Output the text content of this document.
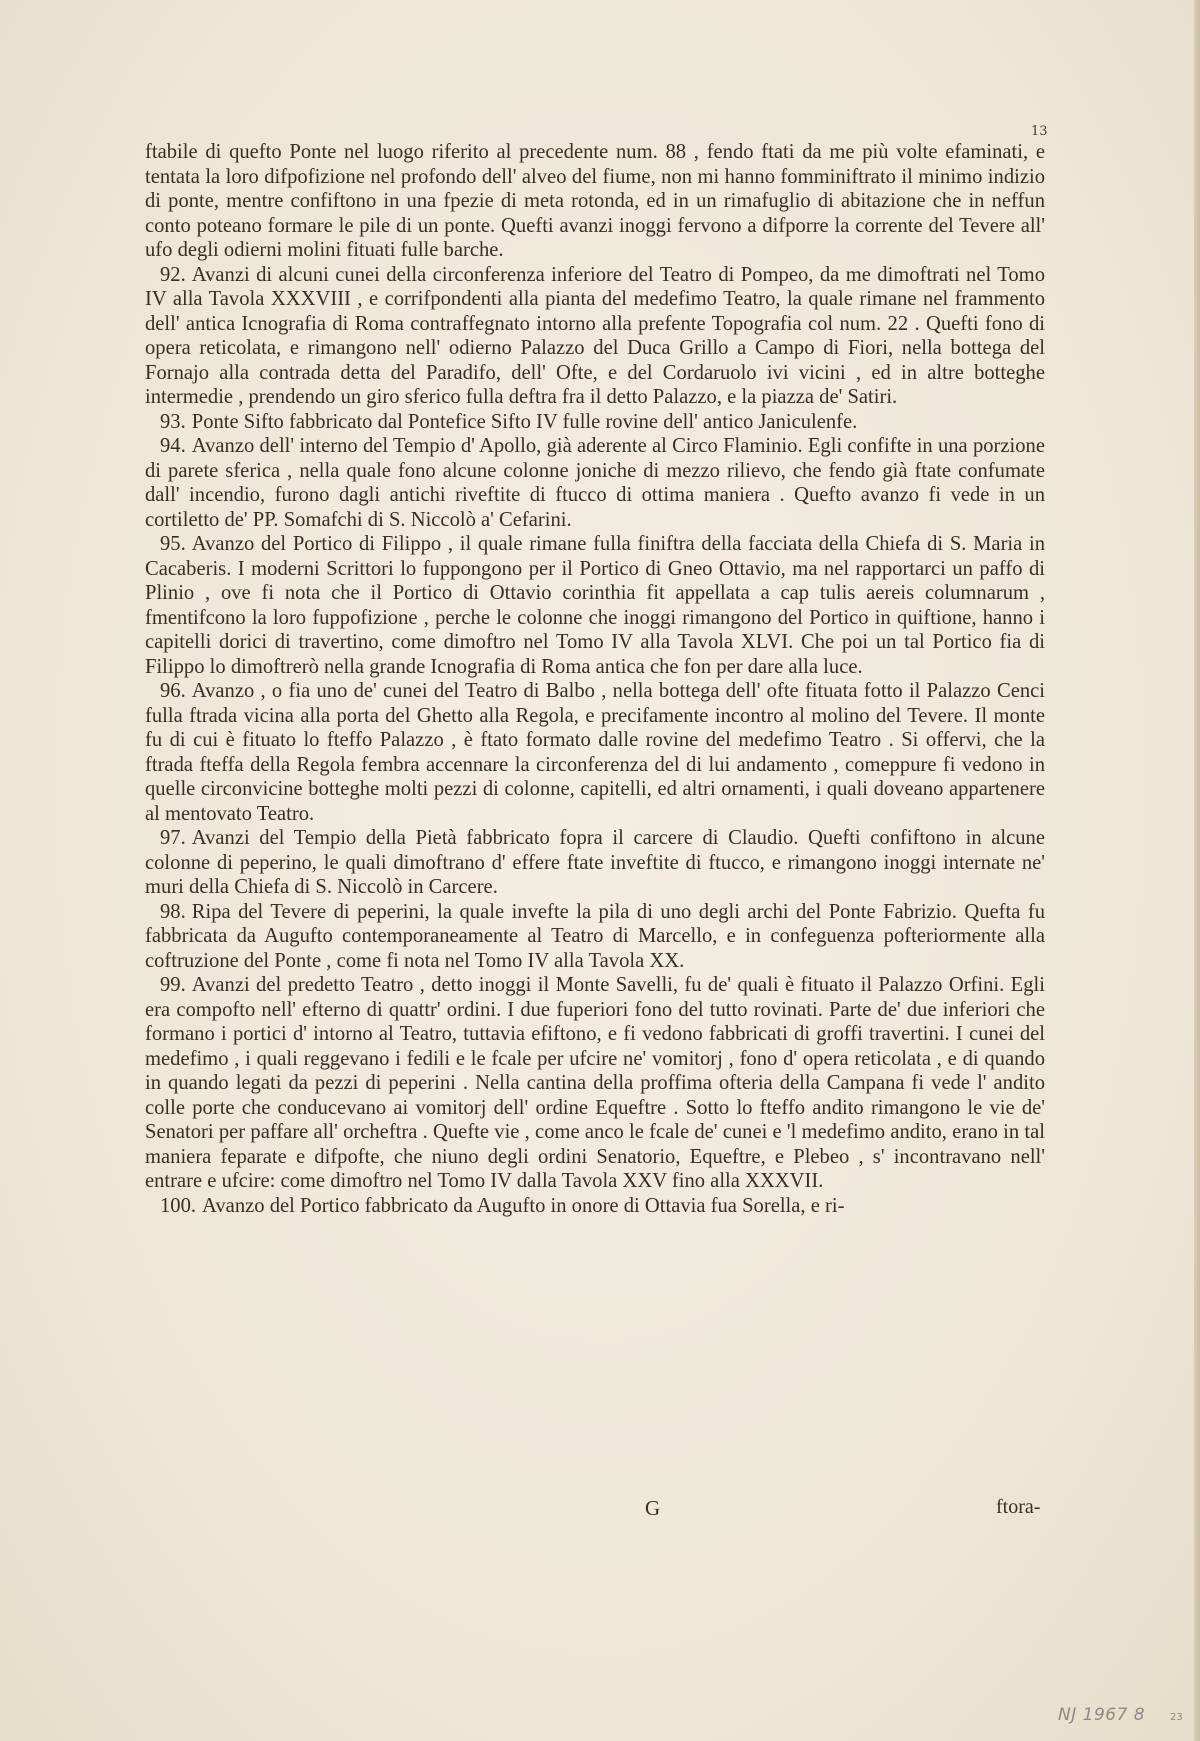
13

ftabile di quefto Ponte nel luogo riferito al precedente num. 88 , fendo ftati da me più volte efaminati, e tentata la loro difpofizione nel profondo dell' alveo del fiume, non mi hanno fomminiftrato il minimo indizio di ponte, mentre confiftono in una fpezie di meta rotonda, ed in un rimafuglio di abitazione che in neffun conto poteano formare le pile di un ponte. Quefti avanzi inoggi fervono a difporre la corrente del Tevere all' ufo degli odierni molini fituati fulle barche.

92. Avanzi di alcuni cunei della circonferenza inferiore del Teatro di Pompeo, da me dimoftrati nel Tomo IV alla Tavola XXXVIII , e corrifpondenti alla pianta del medefimo Teatro, la quale rimane nel frammento dell' antica Icnografia di Roma contraffegnato intorno alla prefente Topografia col num. 22 . Quefti fono di opera reticolata, e rimangono nell' odierno Palazzo del Duca Grillo a Campo di Fiori, nella bottega del Fornajo alla contrada detta del Paradifo, dell' Ofte, e del Cordaruolo ivi vicini , ed in altre botteghe intermedie , prendendo un giro sferico fulla deftra fra il detto Palazzo, e la piazza de' Satiri.

93. Ponte Sifto fabbricato dal Pontefice Sifto IV fulle rovine dell' antico Janiculenfe.

94. Avanzo dell' interno del Tempio d' Apollo, già aderente al Circo Flaminio. Egli confifte in una porzione di parete sferica , nella quale fono alcune colonne joniche di mezzo rilievo, che fendo già ftate confumate dall' incendio, furono dagli antichi riveftite di ftucco di ottima maniera . Quefto avanzo fi vede in un cortiletto de' PP. Somafchi di S. Niccolò a' Cefarini.

95. Avanzo del Portico di Filippo , il quale rimane fulla finiftra della facciata della Chiefa di S. Maria in Cacaberis. I moderni Scrittori lo fuppongono per il Portico di Gneo Ottavio, ma nel rapportarci un paffo di Plinio , ove fi nota che il Portico di Ottavio corinthia fit appellata a cap tulis aereis columnarum , fmentifcono la loro fuppofizione , perche le colonne che inoggi rimangono del Portico in quiftione, hanno i capitelli dorici di travertino, come dimoftro nel Tomo IV alla Tavola XLVI. Che poi un tal Portico fia di Filippo lo dimoftrerò nella grande Icnografia di Roma antica che fon per dare alla luce.

96. Avanzo , o fia uno de' cunei del Teatro di Balbo , nella bottega dell' ofte fituata fotto il Palazzo Cenci fulla ftrada vicina alla porta del Ghetto alla Regola, e precifamente incontro al molino del Tevere. Il monte fu di cui è fituato lo fteffo Palazzo , è ftato formato dalle rovine del medefimo Teatro . Si offervi, che la ftrada fteffa della Regola fembra accennare la circonferenza del di lui andamento , comeppure fi vedono in quelle circonvicine botteghe molti pezzi di colonne, capitelli, ed altri ornamenti, i quali doveano appartenere al mentovato Teatro.

97. Avanzi del Tempio della Pietà fabbricato fopra il carcere di Claudio. Quefti confiftono in alcune colonne di peperino, le quali dimoftrano d' effere ftate inveftite di ftucco, e rimangono inoggi internate ne' muri della Chiefa di S. Niccolò in Carcere.

98. Ripa del Tevere di peperini, la quale invefte la pila di uno degli archi del Ponte Fabrizio. Quefta fu fabbricata da Augufto contemporaneamente al Teatro di Marcello, e in confeguenza pofteriormente alla coftruzione del Ponte , come fi nota nel Tomo IV alla Tavola XX.

99. Avanzi del predetto Teatro , detto inoggi il Monte Savelli, fu de' quali è fituato il Palazzo Orfini. Egli era compofto nell' efterno di quattr' ordini. I due fuperiori fono del tutto rovinati. Parte de' due inferiori che formano i portici d' intorno al Teatro, tuttavia efiftono, e fi vedono fabbricati di groffi travertini. I cunei del medefimo , i quali reggevano i fedili e le fcale per ufcire ne' vomitorj , fono d' opera reticolata , e di quando in quando legati da pezzi di peperini . Nella cantina della proffima ofteria della Campana fi vede l' andito colle porte che conducevano ai vomitorj dell' ordine Equeftre . Sotto lo fteffo andito rimangono le vie de' Senatori per paffare all' orcheftra . Quefte vie , come anco le fcale de' cunei e 'l medefimo andito, erano in tal maniera feparate e difpofte, che niuno degli ordini Senatorio, Equeftre, e Plebeo , s' incontravano nell' entrare e ufcire: come dimoftro nel Tomo IV dalla Tavola XXV fino alla XXXVII.

100. Avanzo del Portico fabbricato da Augufto in onore di Ottavia fua Sorella, e ri-

G	ftora-
NJ 1967 8 23
